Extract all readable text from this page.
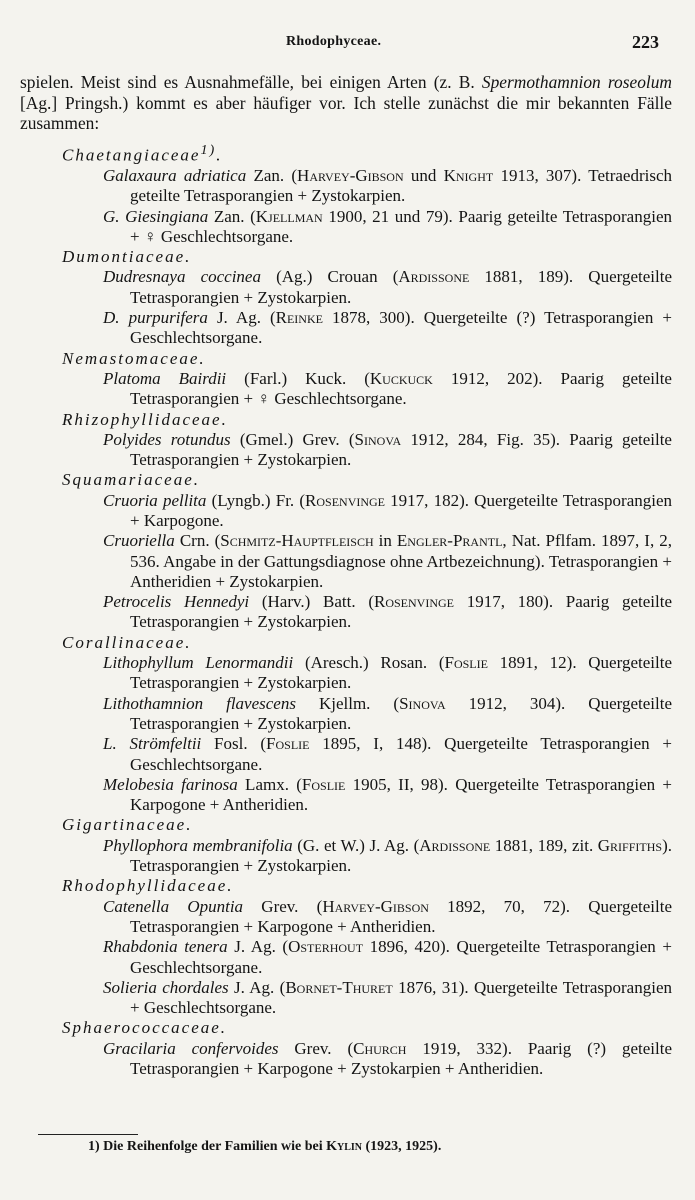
Rhodophyceae.	223
spielen. Meist sind es Ausnahmefälle, bei einigen Arten (z. B. Spermothamnion roseolum [Ag.] Pringsh.) kommt es aber häufiger vor. Ich stelle zunächst die mir bekannten Fälle zusammen:
Chaetangiaceae$^{1)}$.
Galaxaura adriatica Zan. (Harvey-Gibson und Knight 1913, 307). Tetraedrisch geteilte Tetrasporangien + Zystokarpien.
G. Giesingiana Zan. (Kjellman 1900, 21 und 79). Paarig geteilte Tetrasporangien + ♀ Geschlechtsorgane.
Dumontiaceae.
Dudresnaya coccinea (Ag.) Crouan (Ardissone 1881, 189). Quergeteilte Tetrasporangien + Zystokarpien.
D. purpurifera J. Ag. (Reinke 1878, 300). Quergeteilte (?) Tetrasporangien + Geschlechtsorgane.
Nemastomaceae.
Platoma Bairdii (Farl.) Kuck. (Kuckuck 1912, 202). Paarig geteilte Tetrasporangien + ♀ Geschlechtsorgane.
Rhizophyllidaceae.
Polyides rotundus (Gmel.) Grev. (Sinova 1912, 284, Fig. 35). Paarig geteilte Tetrasporangien + Zystokarpien.
Squamariaceae.
Cruoria pellita (Lyngb.) Fr. (Rosenvinge 1917, 182). Quergeteilte Tetrasporangien + Karpogone.
Cruoriella Crn. (Schmitz-Hauptfleisch in Engler-Prantl, Nat. Pflfam. 1897, I, 2, 536. Angabe in der Gattungsdiagnose ohne Artbezeichnung). Tetrasporangien + Antheridien + Zystokarpien.
Petrocelis Hennedyi (Harv.) Batt. (Rosenvinge 1917, 180). Paarig geteilte Tetrasporangien + Zystokarpien.
Corallinaceae.
Lithophyllum Lenormandii (Aresch.) Rosan. (Foslie 1891, 12). Quergeteilte Tetrasporangien + Zystokarpien.
Lithothamnion flavescens Kjellm. (Sinova 1912, 304). Quergeteilte Tetrasporangien + Zystokarpien.
L. Strömfeltii Fosl. (Foslie 1895, I, 148). Quergeteilte Tetrasporangien + Geschlechtsorgane.
Melobesia farinosa Lamx. (Foslie 1905, II, 98). Quergeteilte Tetrasporangien + Karpogone + Antheridien.
Gigartinaceae.
Phyllophora membranifolia (G. et W.) J. Ag. (Ardissone 1881, 189, zit. Griffiths). Tetrasporangien + Zystokarpien.
Rhodophyllidaceae.
Catenella Opuntia Grev. (Harvey-Gibson 1892, 70, 72). Quergeteilte Tetrasporangien + Karpogone + Antheridien.
Rhabdonia tenera J. Ag. (Osterhout 1896, 420). Quergeteilte Tetrasporangien + Geschlechtsorgane.
Solieria chordales J. Ag. (Bornet-Thuret 1876, 31). Quergeteilte Tetrasporangien + Geschlechtsorgane.
Sphaerococcaceae.
Gracilaria confervoides Grev. (Church 1919, 332). Paarig (?) geteilte Tetrasporangien + Karpogone + Zystokarpien + Antheridien.
1) Die Reihenfolge der Familien wie bei Kylin (1923, 1925).
